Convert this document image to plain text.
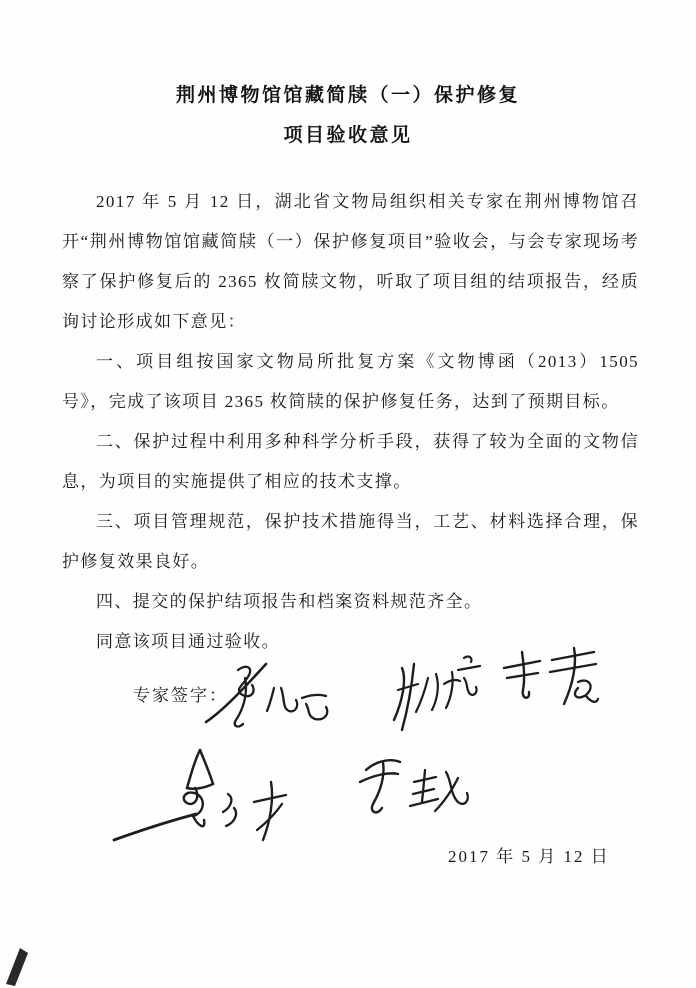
荆州博物馆馆藏简牍（一）保护修复
项目验收意见

2017 年 5 月 12 日，湖北省文物局组织相关专家在荆州博物馆召开“荆州博物馆馆藏简牍（一）保护修复项目”验收会，与会专家现场考察了保护修复后的 2365 枚简牍文物，听取了项目组的结项报告，经质询讨论形成如下意见：

一、项目组按国家文物局所批复方案《文物博函（2013）1505 号》，完成了该项目 2365 枚简牍的保护修复任务，达到了预期目标。

二、保护过程中利用多种科学分析手段，获得了较为全面的文物信息，为项目的实施提供了相应的技术支撑。

三、项目管理规范，保护技术措施得当，工艺、材料选择合理，保护修复效果良好。

四、提交的保护结项报告和档案资料规范齐全。

同意该项目通过验收。

专家签字：
2017 年 5 月 12 日
